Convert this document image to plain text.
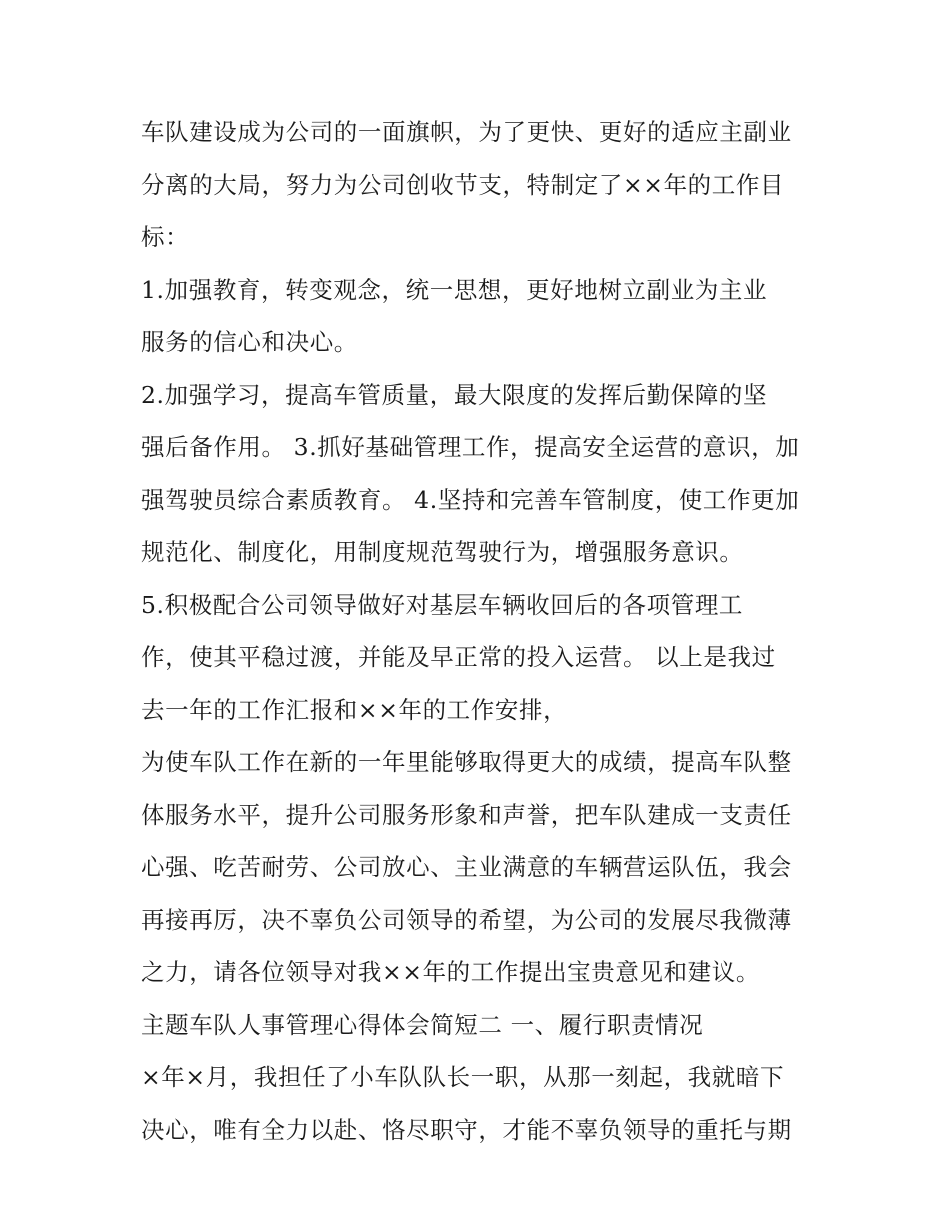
车队建设成为公司的一面旗帜，为了更快、更好的适应主副业
分离的大局，努力为公司创收节支，特制定了××年的工作目
标：
1.加强教育，转变观念，统一思想，更好地树立副业为主业
服务的信心和决心。
2.加强学习，提高车管质量，最大限度的发挥后勤保障的坚
强后备作用。 3.抓好基础管理工作，提高安全运营的意识，加
强驾驶员综合素质教育。 4.坚持和完善车管制度，使工作更加
规范化、制度化，用制度规范驾驶行为，增强服务意识。
5.积极配合公司领导做好对基层车辆收回后的各项管理工
作，使其平稳过渡，并能及早正常的投入运营。 以上是我过
去一年的工作汇报和××年的工作安排，
为使车队工作在新的一年里能够取得更大的成绩，提高车队整
体服务水平，提升公司服务形象和声誉，把车队建成一支责任
心强、吃苦耐劳、公司放心、主业满意的车辆营运队伍，我会
再接再厉，决不辜负公司领导的希望，为公司的发展尽我微薄
之力，请各位领导对我××年的工作提出宝贵意见和建议。
主题车队人事管理心得体会简短二 一、履行职责情况
×年×月，我担任了小车队队长一职，从那一刻起，我就暗下
决心，唯有全力以赴、恪尽职守，才能不辜负领导的重托与期
